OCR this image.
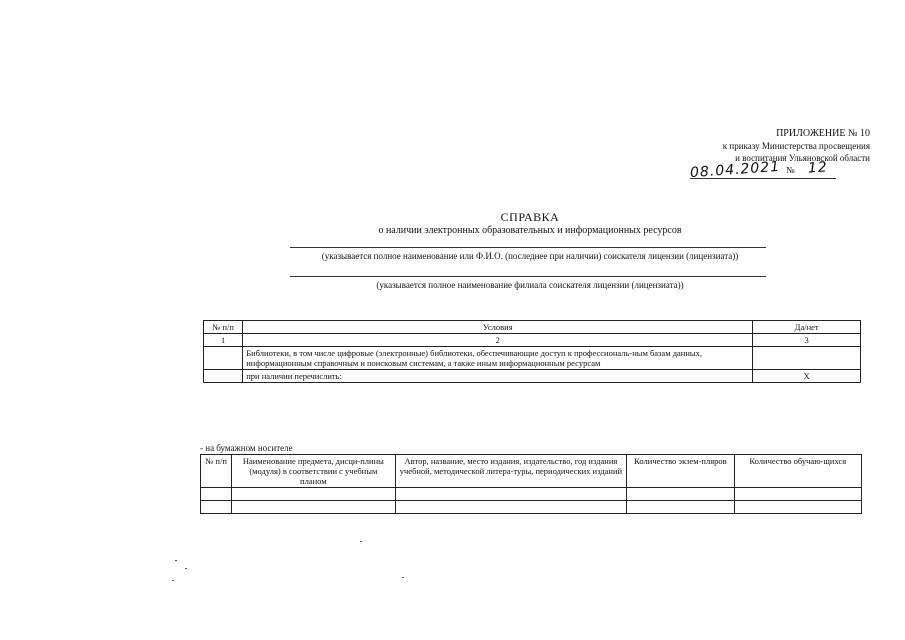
ПРИЛОЖЕНИЕ № 10
к приказу Министерства просвещения
и воспитания Ульяновской области
08.04.2021 № 12
СПРАВКА
о наличии электронных образовательных и информационных ресурсов
(указывается полное наименование или Ф.И.О. (последнее при наличии) соискателя лицензии (лицензиата))
(указывается полное наименование филиала соискателя лицензии (лицензиата))
№ п/п	Условия	Да/нет
1	2	3
	Библиотеки, в том числе цифровые (электронные) библиотеки, обеспечивающие доступ к профессиональ-ным базам данных, информационным справочным и поисковым системам, а также иным информационным ресурсам	
	при наличии перечислить:	X
- на бумажном носителе
№ п/п	Наименование предмета, дисци-плины (модуля) в соответствии с учебным планом	Автор, название, место издания, издательство, год издания учебной, методической литера-туры, периодических изданий	Количество экзем-пляров	Количество обучаю-щихся
